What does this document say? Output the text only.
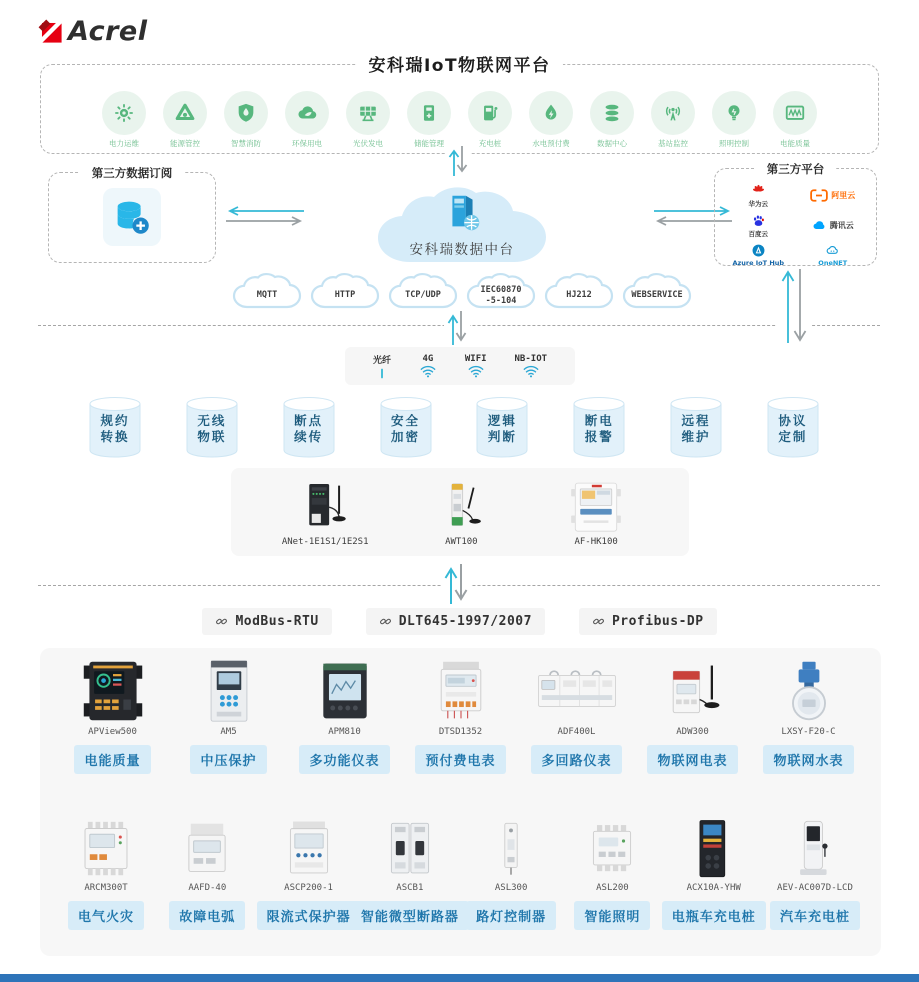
Acrel
安科瑞IoT物联网平台
电力运维	能源管控	智慧消防	环保用电	光伏发电	储能管理	充电桩	水电预付费	数据中心	基站监控	照明控制	电能质量
第三方数据订阅
安科瑞数据中台
第三方平台
华为云
阿里云
百度云
腾讯云
Azure IoT Hub	OneNET
MQTT	HTTP	TCP/UDP
IEC60870
-5-104
HJ212	WEBSERVICE
光纤	4G	WIFI	NB-IOT
规约
转换
无线
物联
断点
续传
安全
加密
逻辑
判断
断电
报警
远程
维护
协议
定制
ANet-1E1S1/1E2S1	AWT100	AF-HK100
ModBus-RTU	DLT645-1997/2007	Profibus-DP
APView500
电能质量
AM5
中压保护
APM810
多功能仪表
DTSD1352
预付费电表
ADF400L
多回路仪表
ADW300
物联网电表
LXSY-F20-C
物联网水表
ARCM300T
电气火灾
AAFD-40
故障电弧
ASCP200-1
限流式保护器
ASCB1
智能微型断路器
ASL300
路灯控制器
ASL200
智能照明
ACX10A-YHW
电瓶车充电桩
AEV-AC007D-LCD
汽车充电桩
